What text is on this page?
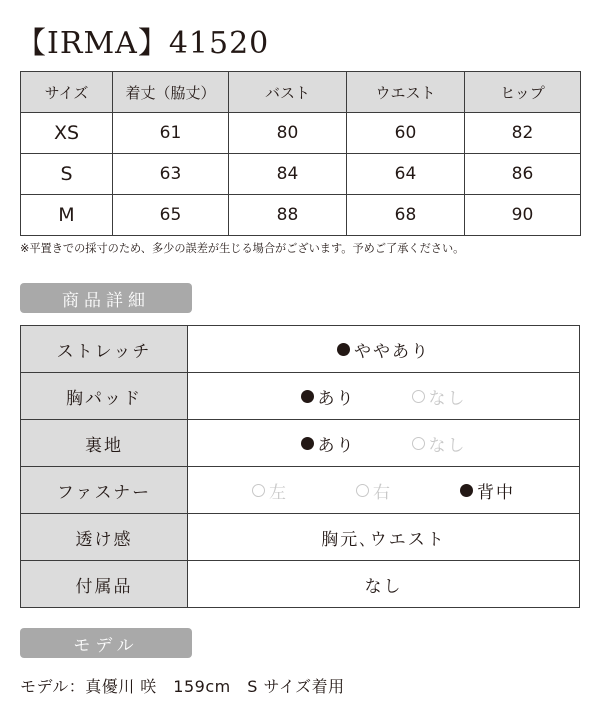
【IRMA】41520
サイズ	着丈（脇丈）	バスト	ウエスト	ヒップ
XS	61	80	60	82
S	63	84	64	86
M	65	88	68	90
※平置きでの採寸のため、多少の誤差が生じる場合がございます。予めご了承ください。
商品詳細
ストレッチ	ややあり

胸パッド	あり なし

裏地	あり なし

ファスナー	左 右 背中

透け感	胸元､ウエスト
付属品	なし
モデル
モデル：真優川 咲　159cm　S サイズ着用
